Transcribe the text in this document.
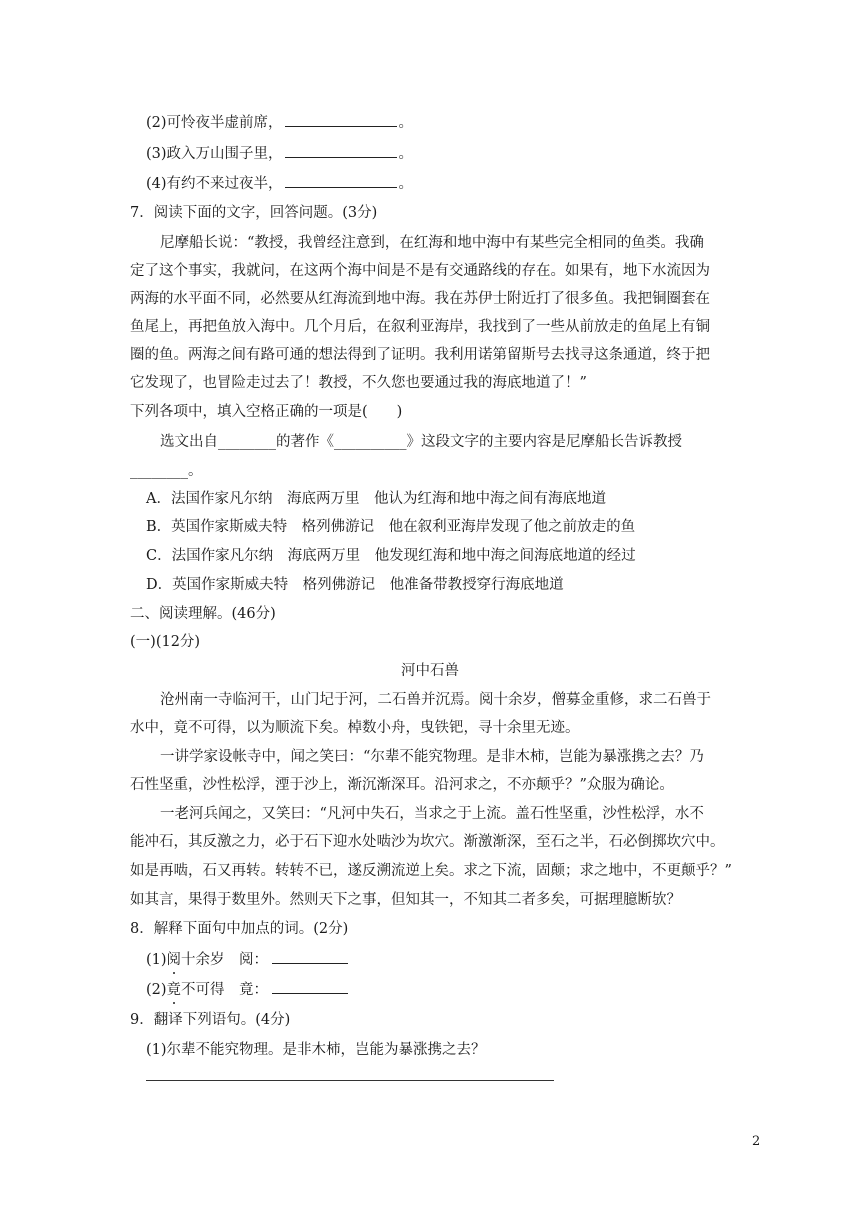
(2)可怜夜半虚前席，	。
(3)政入万山围子里，	。
(4)有约不来过夜半，	。
7．阅读下面的文字，回答问题。(3分)
尼摩船长说：“教授，我曾经注意到，在红海和地中海中有某些完全相同的鱼类。我确
定了这个事实，我就问，在这两个海中间是不是有交通路线的存在。如果有，地下水流因为
两海的水平面不同，必然要从红海流到地中海。我在苏伊士附近打了很多鱼。我把铜圈套在
鱼尾上，再把鱼放入海中。几个月后，在叙利亚海岸，我找到了一些从前放走的鱼尾上有铜
圈的鱼。两海之间有路可通的想法得到了证明。我利用诺第留斯号去找寻这条通道，终于把
它发现了，也冒险走过去了！教授，不久您也要通过我的海底地道了！”
下列各项中，填入空格正确的一项是(　　)
选文出自________的著作《__________》这段文字的主要内容是尼摩船长告诉教授
________。
A．法国作家凡尔纳　海底两万里　他认为红海和地中海之间有海底地道
B．英国作家斯威夫特　格列佛游记　他在叙利亚海岸发现了他之前放走的鱼
C．法国作家凡尔纳　海底两万里　他发现红海和地中海之间海底地道的经过
D．英国作家斯威夫特　格列佛游记　他准备带教授穿行海底地道
二、阅读理解。(46分)
(一)(12分)
河中石兽
沧州南一寺临河干，山门圮于河，二石兽并沉焉。阅十余岁，僧募金重修，求二石兽于
水中，竟不可得，以为顺流下矣。棹数小舟，曳铁钯，寻十余里无迹。
一讲学家设帐寺中，闻之笑曰：“尔辈不能究物理。是非木柿，岂能为暴涨携之去？乃
石性坚重，沙性松浮，湮于沙上，渐沉渐深耳。沿河求之，不亦颠乎？”众服为确论。
一老河兵闻之，又笑曰：“凡河中失石，当求之于上流。盖石性坚重，沙性松浮，水不
能冲石，其反激之力，必于石下迎水处啮沙为坎穴。渐激渐深，至石之半，石必倒掷坎穴中。
如是再啮，石又再转。转转不已，遂反溯流逆上矣。求之下流，固颠；求之地中，不更颠乎？”
如其言，果得于数里外。然则天下之事，但知其一，不知其二者多矣，可据理臆断欤？
8．解释下面句中加点的词。(2分)
(1)阅十余岁　阅：
(2)竟不可得　竟：
9．翻译下列语句。(4分)
(1)尔辈不能究物理。是非木柿，岂能为暴涨携之去？
2
